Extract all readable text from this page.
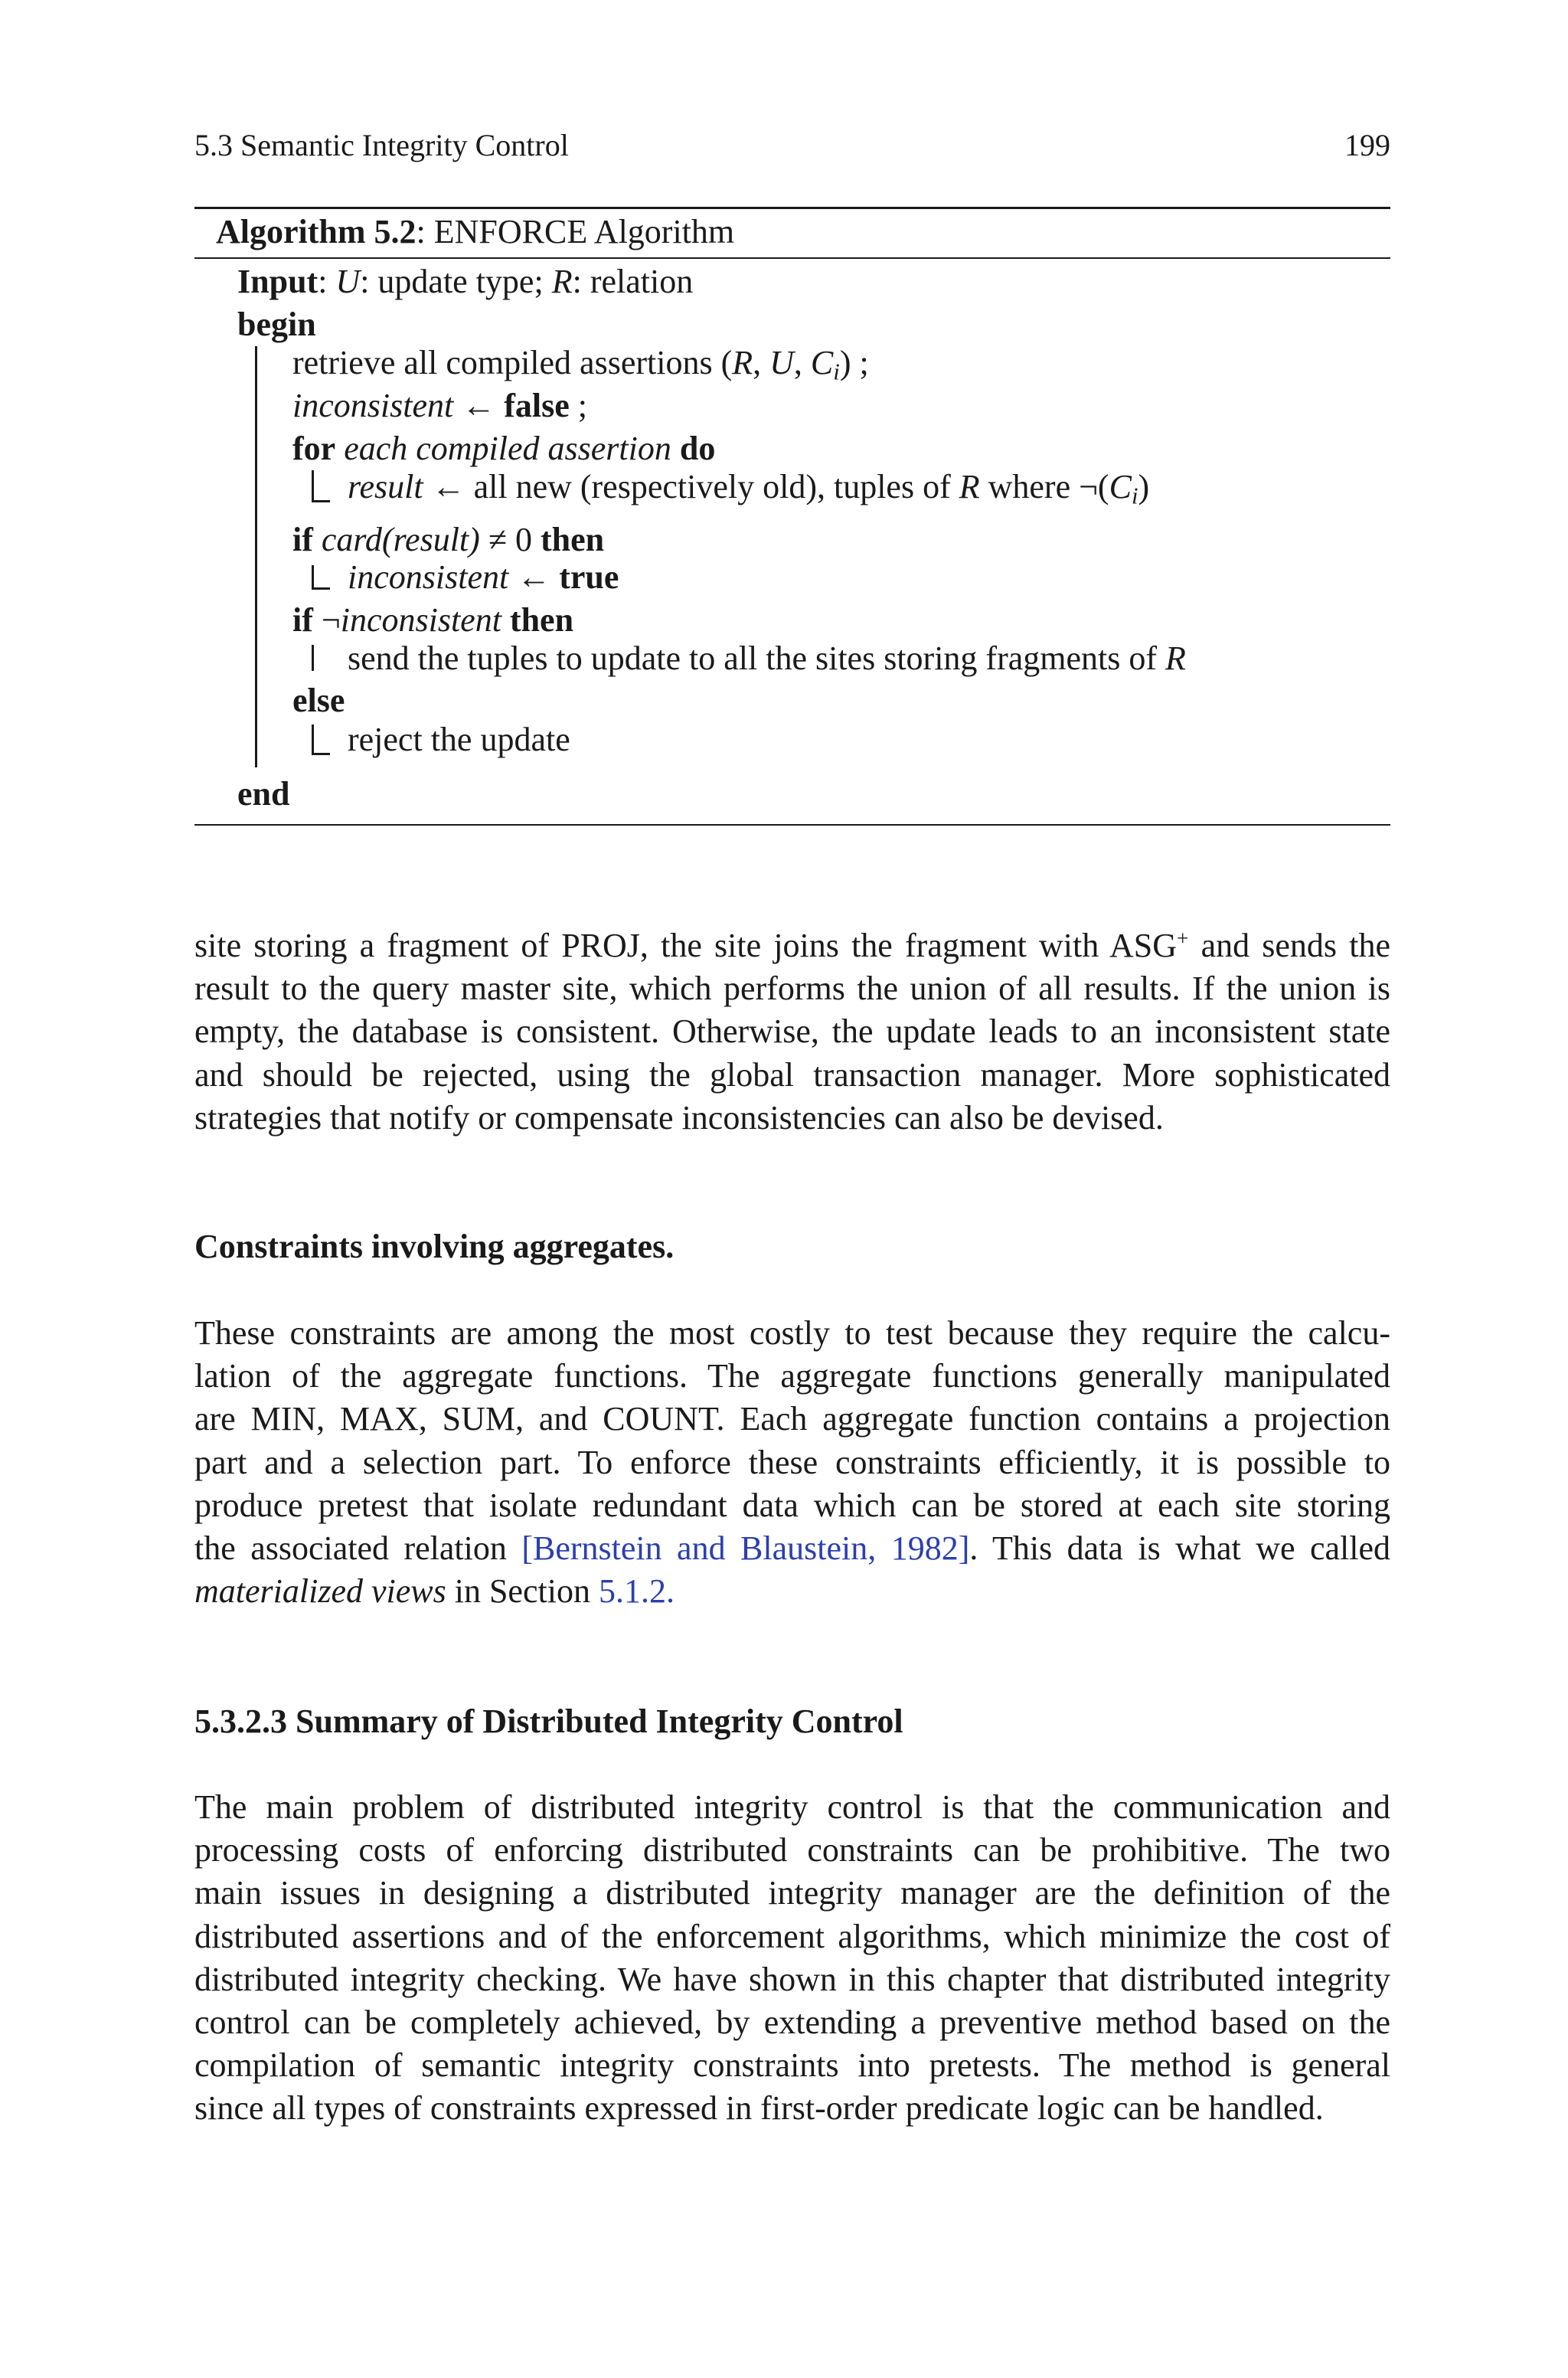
5.3 Semantic Integrity Control	199
Algorithm 5.2: ENFORCE Algorithm
Input: U: update type; R: relation
begin
retrieve all compiled assertions (R, U, $C_i$) ;
inconsistent ← false ;
for each compiled assertion do
result ← all new (respectively old), tuples of R where $\neg(C_i)$
if card(result) ≠ 0 then
inconsistent ← true
if ¬inconsistent then
send the tuples to update to all the sites storing fragments of R
else
reject the update
end
site storing a fragment of PROJ, the site joins the fragment with ASG+ and sends the
result to the query master site, which performs the union of all results. If the union is
empty, the database is consistent. Otherwise, the update leads to an inconsistent state
and should be rejected, using the global transaction manager. More sophisticated
strategies that notify or compensate inconsistencies can also be devised.
Constraints involving aggregates.
These constraints are among the most costly to test because they require the calcu-
lation of the aggregate functions. The aggregate functions generally manipulated
are MIN, MAX, SUM, and COUNT. Each aggregate function contains a projection
part and a selection part. To enforce these constraints efficiently, it is possible to
produce pretest that isolate redundant data which can be stored at each site storing
the associated relation [Bernstein and Blaustein, 1982]. This data is what we called
materialized views in Section 5.1.2.
5.3.2.3 Summary of Distributed Integrity Control
The main problem of distributed integrity control is that the communication and
processing costs of enforcing distributed constraints can be prohibitive. The two
main issues in designing a distributed integrity manager are the definition of the
distributed assertions and of the enforcement algorithms, which minimize the cost of
distributed integrity checking. We have shown in this chapter that distributed integrity
control can be completely achieved, by extending a preventive method based on the
compilation of semantic integrity constraints into pretests. The method is general
since all types of constraints expressed in first-order predicate logic can be handled.
